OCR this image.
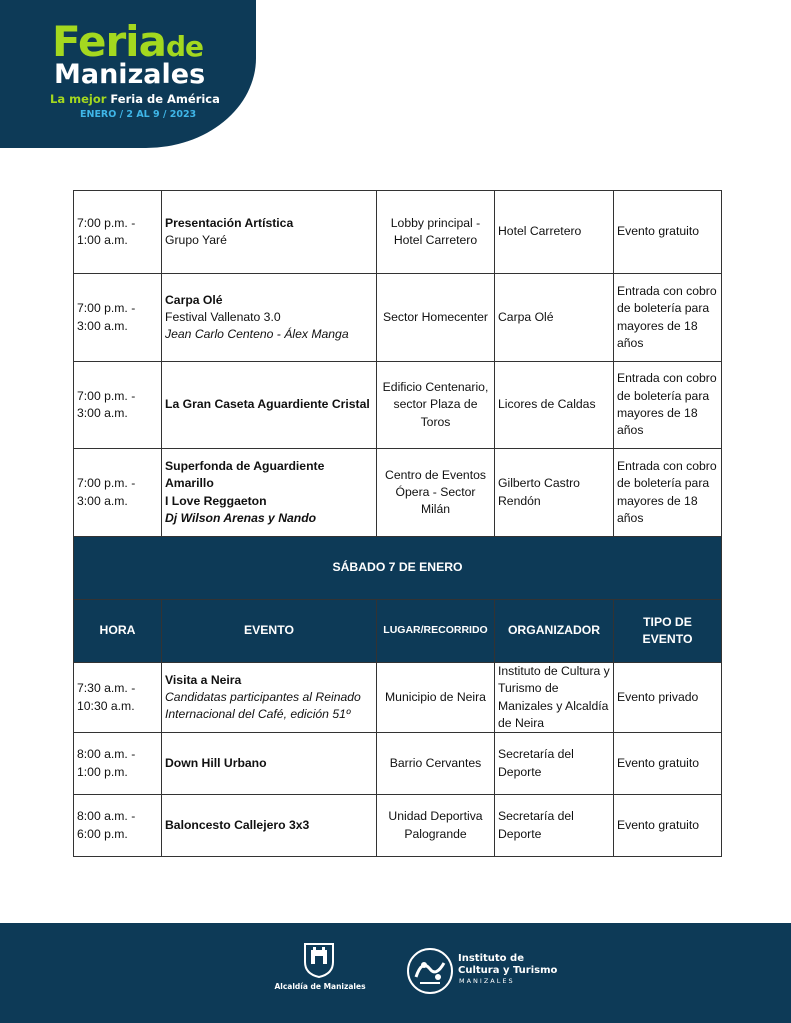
Feriade
Manizales
La mejor Feria de América
ENERO / 2 AL 9 / 2023
7:00 p.m. -
1:00 a.m.	Presentación Artística
Grupo Yaré	Lobby principal -
Hotel Carretero	Hotel Carretero	Evento gratuito

7:00 p.m. -
3:00 a.m.	Carpa Olé
Festival Vallenato 3.0
Jean Carlo Centeno - Álex Manga	Sector Homecenter	Carpa Olé	Entrada con cobro de boletería para mayores de 18 años

7:00 p.m. -
3:00 a.m.	La Gran Caseta Aguardiente Cristal	Edificio Centenario,
sector Plaza de
Toros	Licores de Caldas	Entrada con cobro de boletería para mayores de 18 años

7:00 p.m. -
3:00 a.m.	Superfonda de Aguardiente Amarillo
I Love Reggaeton
Dj Wilson Arenas y Nando	Centro de Eventos
Ópera - Sector
Milán	Gilberto Castro Rendón	Entrada con cobro de boletería para mayores de 18 años
SÁBADO 7 DE ENERO				
HORA	EVENTO	LUGAR/RECORRIDO	ORGANIZADOR	TIPO DE EVENTO

7:30 a.m. -
10:30 a.m.	Visita a Neira
Candidatas participantes al Reinado Internacional del Café, edición 51º	Municipio de Neira	Instituto de Cultura y Turismo de Manizales y Alcaldía de Neira	Evento privado

8:00 a.m. -
1:00 p.m.	Down Hill Urbano	Barrio Cervantes	Secretaría del Deporte	Evento gratuito

8:00 a.m. -
6:00 p.m.	Baloncesto Callejero 3x3	Unidad Deportiva
Palogrande	Secretaría del Deporte	Evento gratuito
Alcaldía de Manizales
Instituto de
Cultura y Turismo
MANIZALES
